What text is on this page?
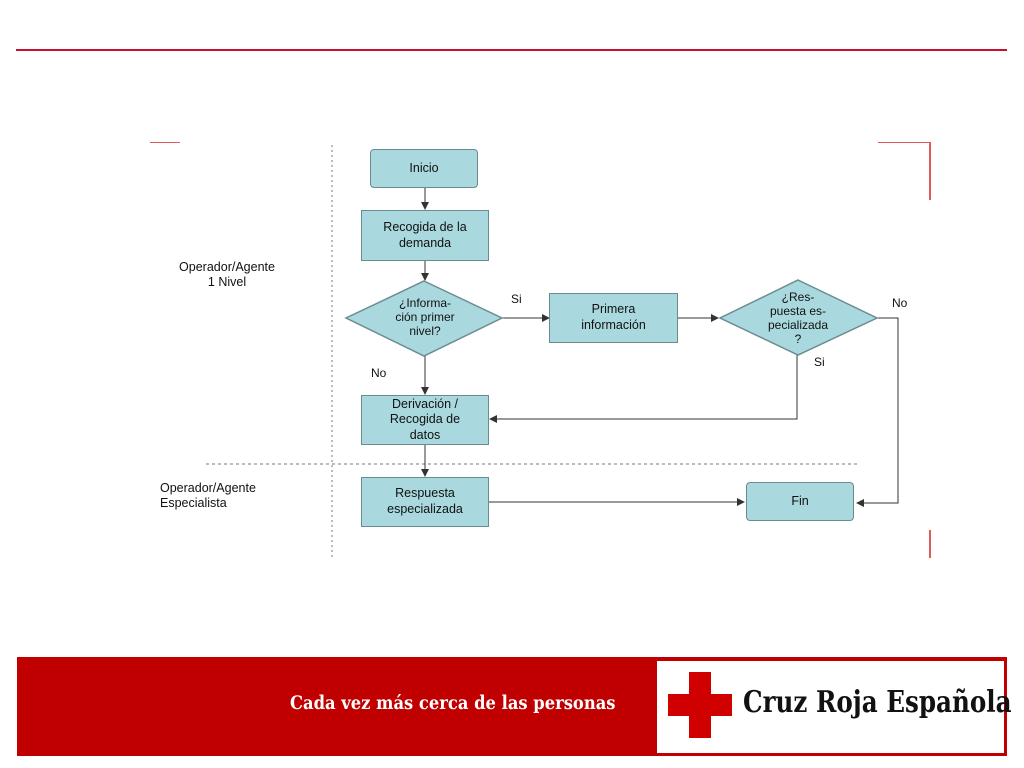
Inicio
Recogida de la
demanda
¿Informa-
ción primer
nivel?
Primera
información
¿Res-
puesta es-
pecializada
?
Derivación /
Recogida de
datos
Respuesta
especializada
Fin
Si
No
No
Si
Operador/Agente
1 Nivel
Operador/Agente
Especialista
Cada vez más cerca de las personas	Cruz Roja Española
